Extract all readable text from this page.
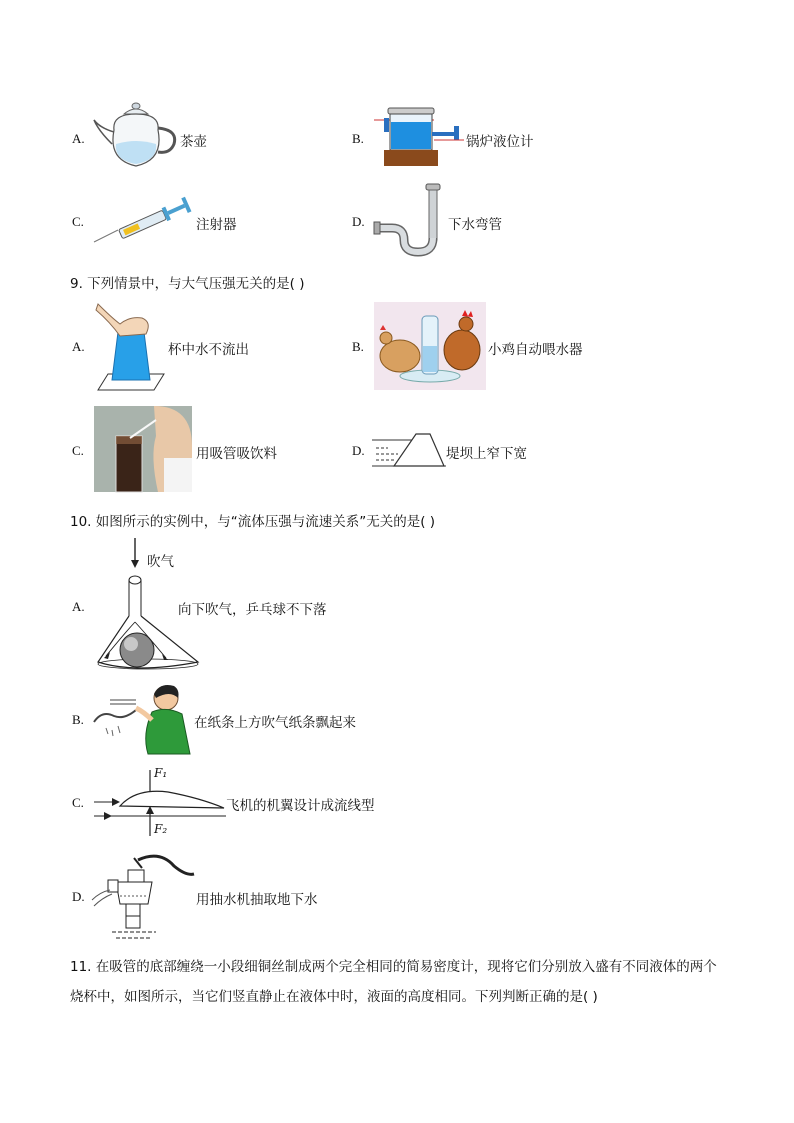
A.	茶壶	B.	锅炉液位计
C.	注射器	D.	下水弯管
9. 下列情景中，与大气压强无关的是( )
A.	杯中水不流出	B.	小鸡自动喂水器
C.	用吸管吸饮料	D.	堤坝上窄下宽
10. 如图所示的实例中，与“流体压强与流速关系”无关的是( )
A.
吹气
向下吹气，乒乓球不下落
B.	在纸条上方吹气纸条飘起来
C.
F₁
F₂
飞机的机翼设计成流线型
D.	用抽水机抽取地下水
11. 在吸管的底部缠绕一小段细铜丝制成两个完全相同的简易密度计，现将它们分别放入盛有不同液体的两个烧杯中，如图所示，当它们竖直静止在液体中时，液面的高度相同。下列判断正确的是( )
